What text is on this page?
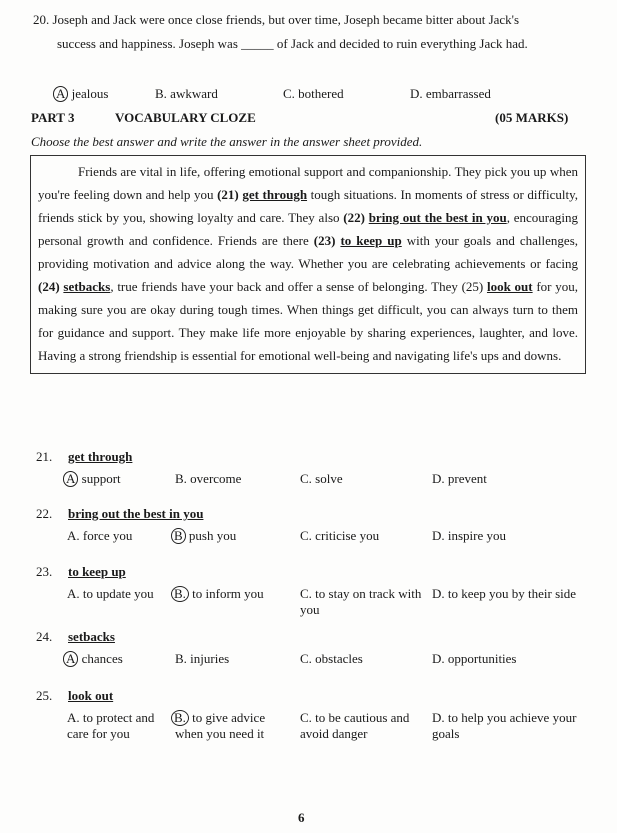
20. Joseph and Jack were once close friends, but over time, Joseph became bitter about Jack's
success and happiness. Joseph was _____ of Jack and decided to ruin everything Jack had.
A jealous	B. awkward	C. bothered	D. embarrassed
PART 3	VOCABULARY CLOZE	(05 MARKS)
Choose the best answer and write the answer in the answer sheet provided.
Friends are vital in life, offering emotional support and companionship. They pick you up when you're feeling down and help you (21) get through tough situations. In moments of stress or difficulty, friends stick by you, showing loyalty and care. They also (22) bring out the best in you, encouraging personal growth and confidence. Friends are there (23) to keep up with your goals and challenges, providing motivation and advice along the way. Whether you are celebrating achievements or facing (24) setbacks, true friends have your back and offer a sense of belonging. They (25) look out for you, making sure you are okay during tough times. When things get difficult, you can always turn to them for guidance and support. They make life more enjoyable by sharing experiences, laughter, and love. Having a strong friendship is essential for emotional well-being and navigating life's ups and downs.
21. get through
A support	B. overcome	C. solve	D. prevent
22. bring out the best in you
A. force you	B push you	C. criticise you	D. inspire you
23. to keep up
A. to update you	B. to inform you	C. to stay on track with you
D. to keep you by their side
24. setbacks
A chances	B. injuries	C. obstacles	D. opportunities
25. look out
A. to protect and care for you
B. to give advice when you need it
C. to be cautious and avoid danger
D. to help you achieve your goals
6
